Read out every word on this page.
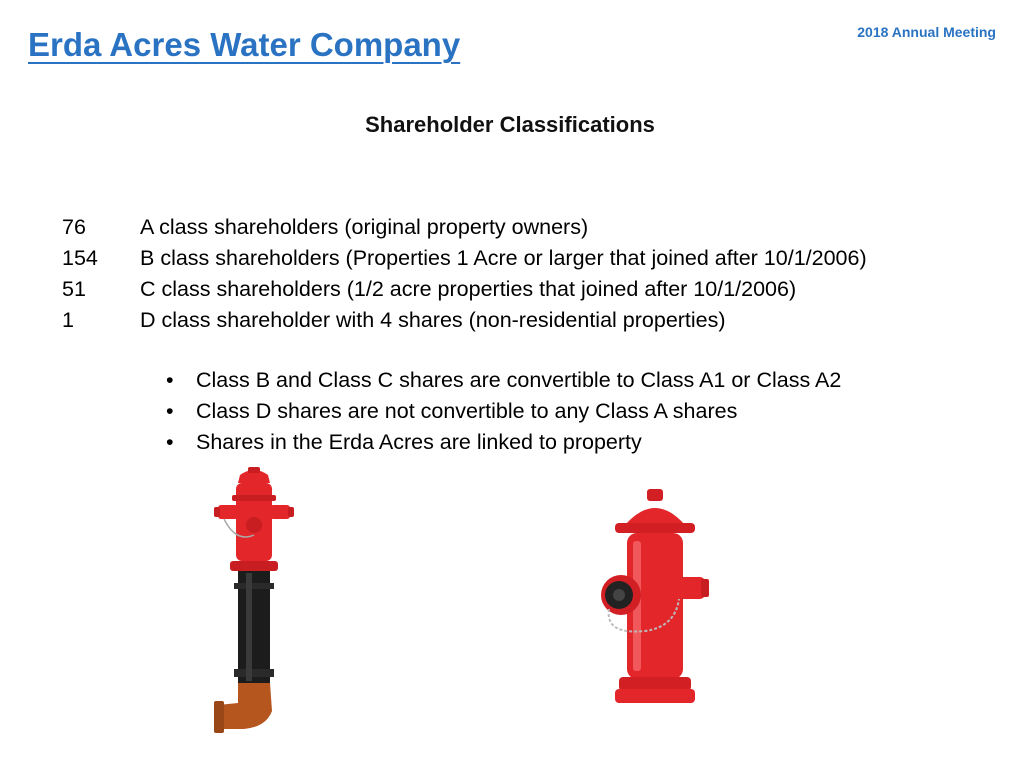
Erda Acres Water Company	2018 Annual Meeting
Shareholder Classifications
76	A class shareholders (original property owners)
154	B class shareholders (Properties 1 Acre or larger that joined after 10/1/2006)
51	C class shareholders (1/2 acre properties that joined after 10/1/2006)
1	D class shareholder with 4 shares (non-residential properties)
•	Class B and Class C shares are convertible to Class A1 or Class A2
•	Class D shares are not convertible to any Class A shares
•	Shares in the Erda Acres are linked to property
